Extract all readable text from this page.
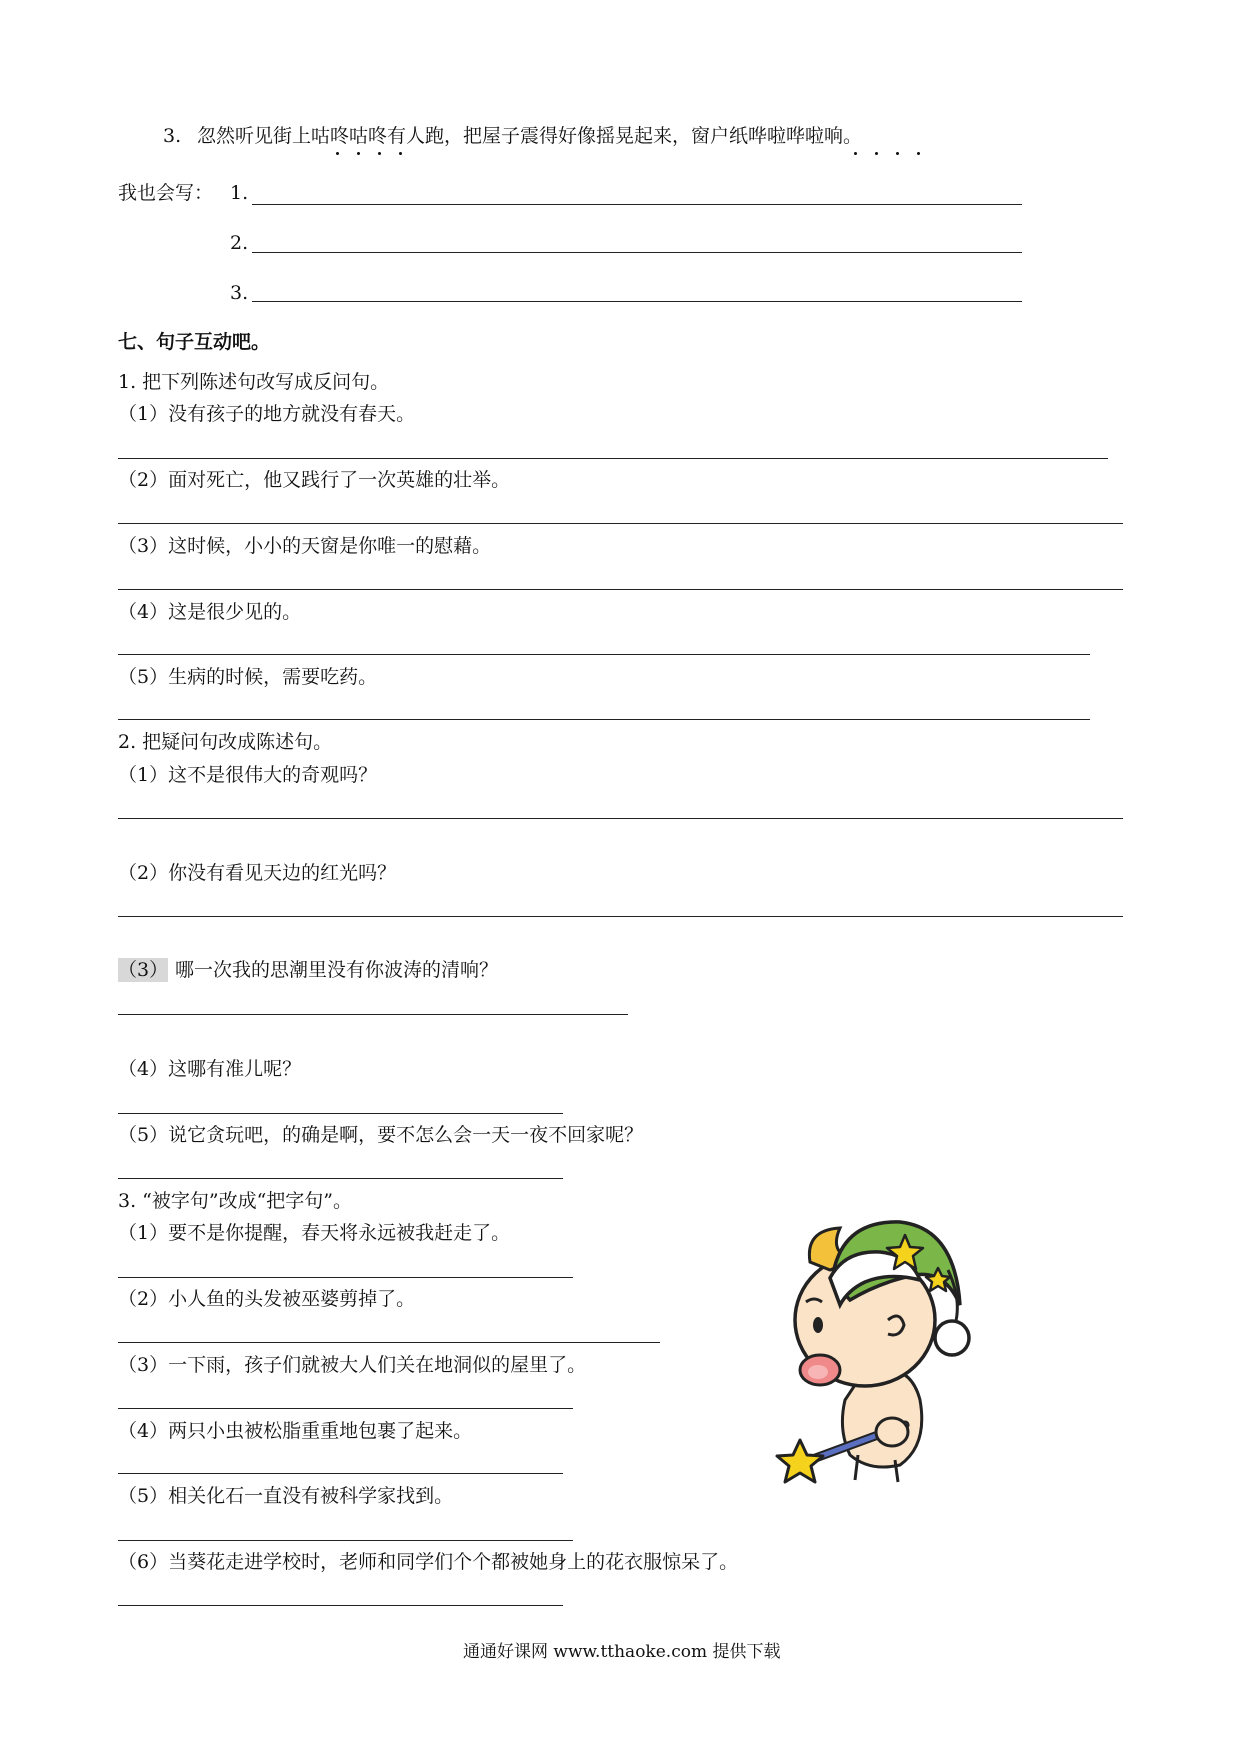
3. 忽然听见街上咕咚咕咚有人跑，把屋子震得好像摇晃起来，窗户纸哗啦哗啦响。
我也会写： 1.
2.
3.
七、句子互动吧。
1. 把下列陈述句改写成反问句。
（1）没有孩子的地方就没有春天。
（2）面对死亡，他又践行了一次英雄的壮举。
（3）这时候，小小的天窗是你唯一的慰藉。
（4）这是很少见的。
（5）生病的时候，需要吃药。
2. 把疑问句改成陈述句。
（1）这不是很伟大的奇观吗？
（2）你没有看见天边的红光吗？
（3） 哪一次我的思潮里没有你波涛的清响？
（4）这哪有准儿呢？
（5）说它贪玩吧，的确是啊，要不怎么会一天一夜不回家呢？
3. “被字句”改成“把字句”。
（1）要不是你提醒，春天将永远被我赶走了。
（2）小人鱼的头发被巫婆剪掉了。
（3）一下雨，孩子们就被大人们关在地洞似的屋里了。
（4）两只小虫被松脂重重地包裹了起来。
（5）相关化石一直没有被科学家找到。
（6）当葵花走进学校时，老师和同学们个个都被她身上的花衣服惊呆了。
通通好课网 www.tthaoke.com 提供下载
